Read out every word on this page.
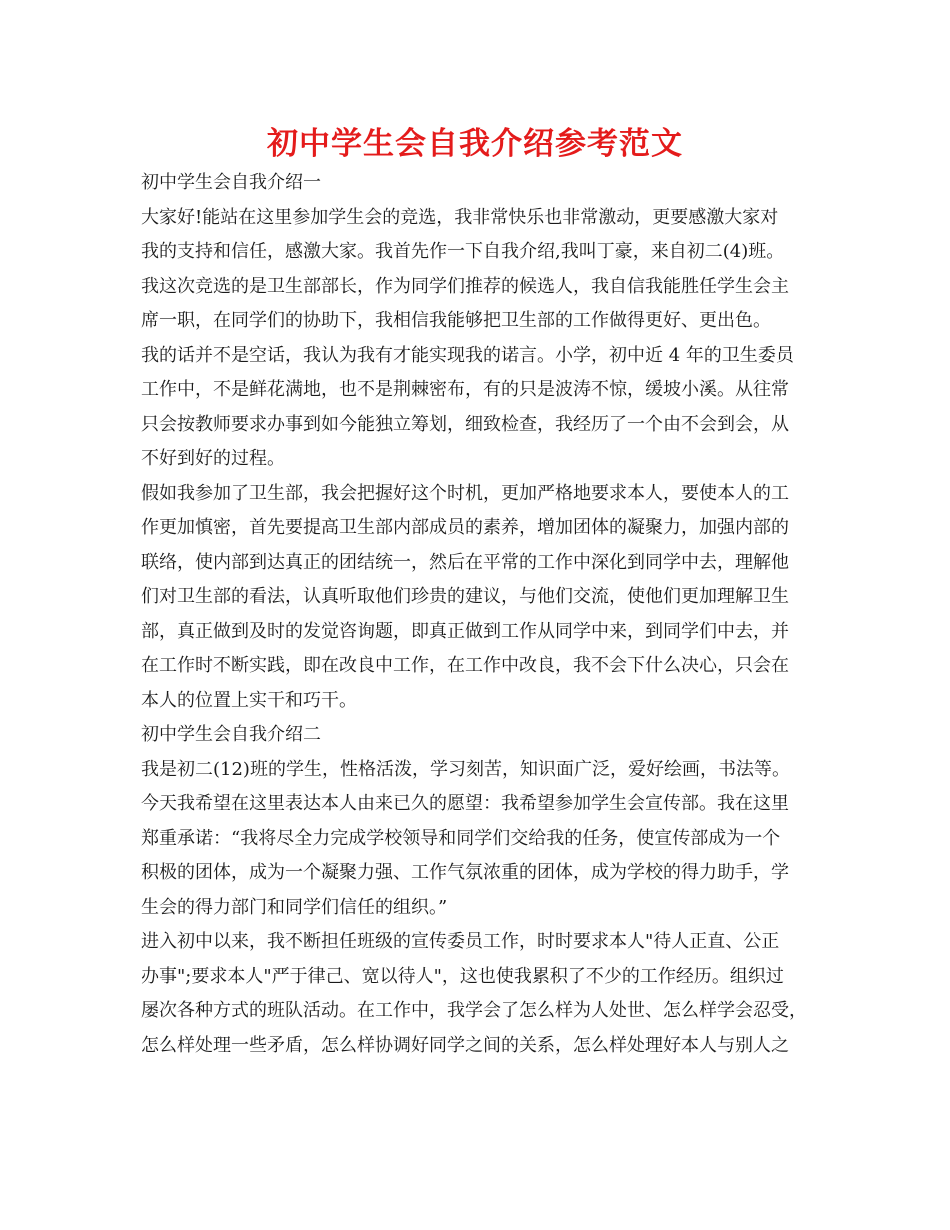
初中学生会自我介绍参考范文
初中学生会自我介绍一
大家好!能站在这里参加学生会的竞选，我非常快乐也非常激动，更要感激大家对
我的支持和信任，感激大家。我首先作一下自我介绍,我叫丁豪，来自初二(4)班。
我这次竞选的是卫生部部长，作为同学们推荐的候选人，我自信我能胜任学生会主
席一职，在同学们的协助下，我相信我能够把卫生部的工作做得更好、更出色。
我的话并不是空话，我认为我有才能实现我的诺言。小学，初中近 4 年的卫生委员
工作中，不是鲜花满地，也不是荆棘密布，有的只是波涛不惊，缓坡小溪。从往常
只会按教师要求办事到如今能独立筹划，细致检查，我经历了一个由不会到会，从
不好到好的过程。
假如我参加了卫生部，我会把握好这个时机，更加严格地要求本人，要使本人的工
作更加慎密，首先要提高卫生部内部成员的素养，增加团体的凝聚力，加强内部的
联络，使内部到达真正的团结统一，然后在平常的工作中深化到同学中去，理解他
们对卫生部的看法，认真听取他们珍贵的建议，与他们交流，使他们更加理解卫生
部，真正做到及时的发觉咨询题，即真正做到工作从同学中来，到同学们中去，并
在工作时不断实践，即在改良中工作，在工作中改良，我不会下什么决心，只会在
本人的位置上实干和巧干。
初中学生会自我介绍二
我是初二(12)班的学生，性格活泼，学习刻苦，知识面广泛，爱好绘画，书法等。
今天我希望在这里表达本人由来已久的愿望：我希望参加学生会宣传部。我在这里
郑重承诺：“我将尽全力完成学校领导和同学们交给我的任务，使宣传部成为一个
积极的团体，成为一个凝聚力强、工作气氛浓重的团体，成为学校的得力助手，学
生会的得力部门和同学们信任的组织。”
进入初中以来，我不断担任班级的宣传委员工作，时时要求本人"待人正直、公正
办事";要求本人"严于律己、宽以待人"，这也使我累积了不少的工作经历。组织过
屡次各种方式的班队活动。在工作中，我学会了怎么样为人处世、怎么样学会忍受，
怎么样处理一些矛盾，怎么样协调好同学之间的关系，怎么样处理好本人与别人之
